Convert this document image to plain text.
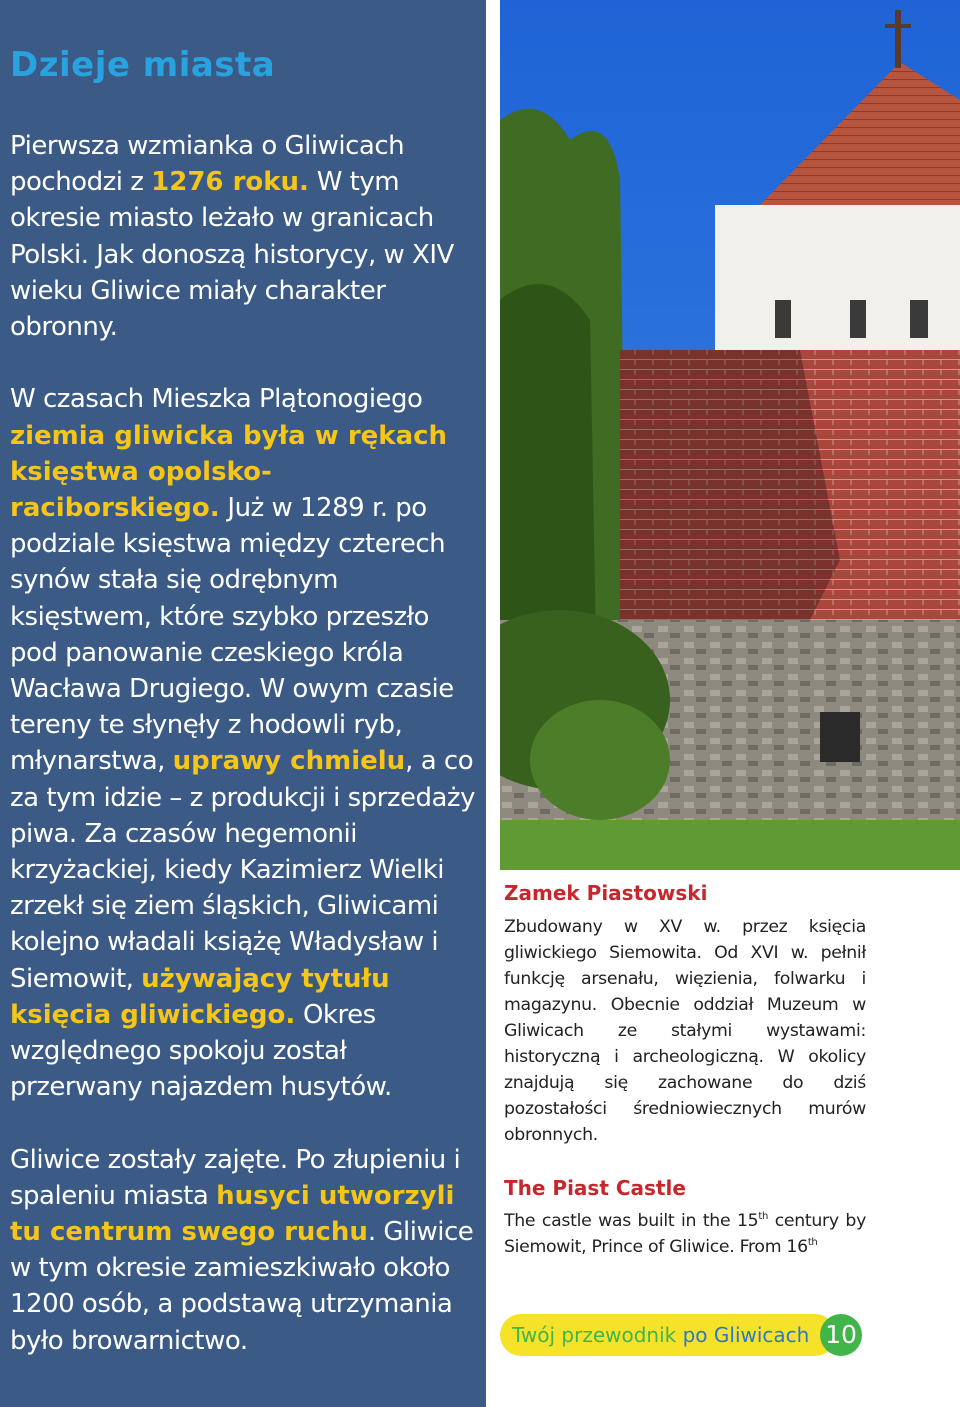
Dzieje miasta

Pierwsza wzmianka o Gliwicach pochodzi z 1276 roku. W tym okresie miasto leżało w granicach Polski. Jak donoszą historycy, w XIV wieku Gliwice miały charakter obronny.

W czasach Mieszka Plątonogiego ziemia gliwicka była w rękach księstwa opolsko-raciborskiego. Już w 1289 r. po podziale księstwa między czterech synów stała się odrębnym księstwem, które szybko przeszło pod panowanie czeskiego króla Wacława Drugiego. W owym czasie tereny te słynęły z hodowli ryb, młynarstwa, uprawy chmielu, a co za tym idzie – z produkcji i sprzedaży piwa. Za czasów hegemonii krzyżackiej, kiedy Kazimierz Wielki zrzekł się ziem śląskich, Gliwicami kolejno władali książę Władysław i Siemowit, używający tytułu księcia gliwickiego. Okres względnego spokoju został przerwany najazdem husytów.

Gliwice zostały zajęte. Po złupieniu i spaleniu miasta husyci utworzyli tu centrum swego ruchu. Gliwice w tym okresie zamieszkiwało około 1200 osób, a podstawą utrzymania było browarnictwo.

Zamek Piastowski
Zbudowany w XV w. przez księcia gliwickiego Siemowita. Od XVI w. pełnił funkcję arsenału, więzienia, folwarku i magazynu. Obecnie oddział Muzeum w Gliwicach ze stałymi wystawami: historyczną i archeologiczną. W okolicy znajdują się zachowane do dziś pozostałości średniowiecznych murów obronnych.
The Piast Castle
The castle was built in the 15th century by Siemowit, Prince of Gliwice. From 16th
Twój przewodnik po Gliwicach 10
